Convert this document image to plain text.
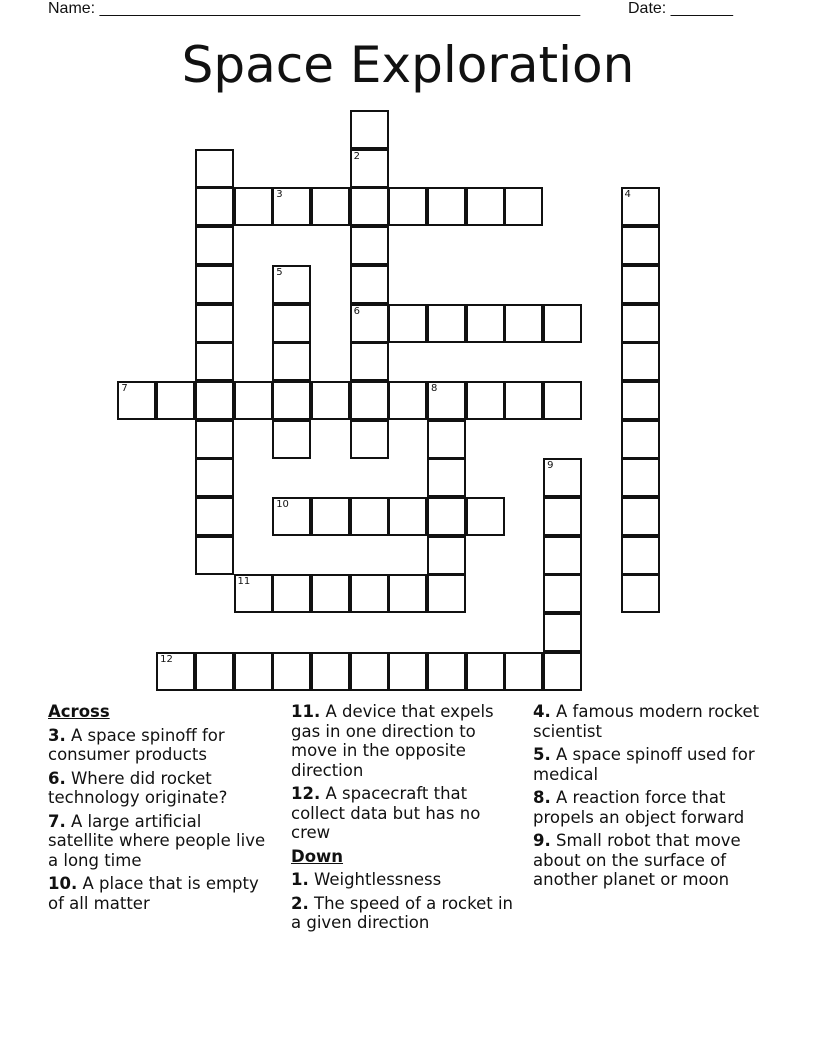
Name: ______________________________________________________	Date: _______
Space Exploration
2
3	4
5
6
7	8
9
10
11
12
Across
3. A space spinoff for consumer products
6. Where did rocket technology originate?
7. A large artificial satellite where people live a long time
10. A place that is empty of all matter
11. A device that expels gas in one direction to move in the opposite direction
12. A spacecraft that collect data but has no crew
Down
1. Weightlessness
2. The speed of a rocket in a given direction
4. A famous modern rocket scientist
5. A space spinoff used for medical
8. A reaction force that propels an object forward
9. Small robot that move about on the surface of another planet or moon
